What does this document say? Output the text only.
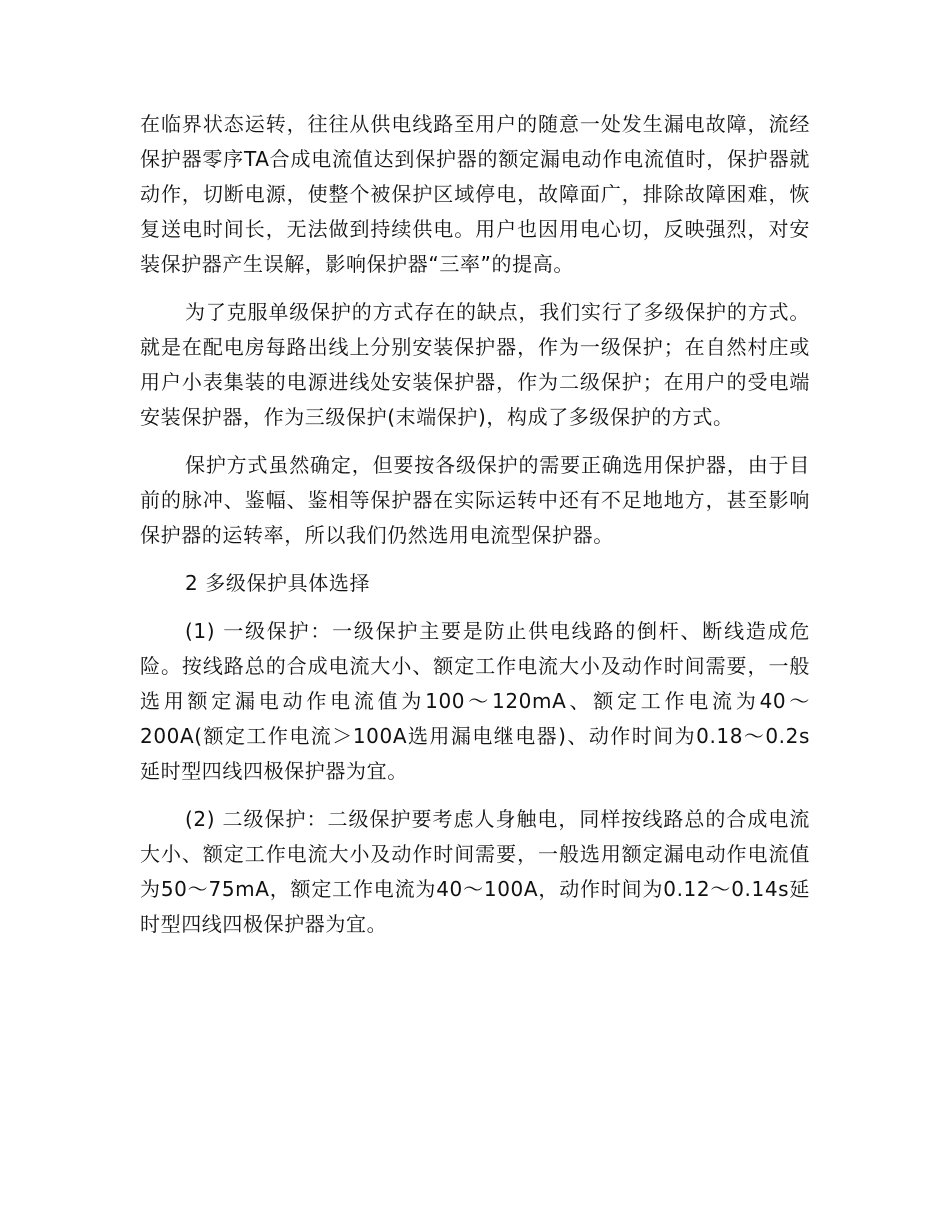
在临界状态运转，往往从供电线路至用户的随意一处发生漏电故障，流经保护器零序TA合成电流值达到保护器的额定漏电动作电流值时，保护器就动作，切断电源，使整个被保护区域停电，故障面广，排除故障困难，恢复送电时间长，无法做到持续供电。用户也因用电心切，反映强烈，对安装保护器产生误解，影响保护器“三率”的提高。

为了克服单级保护的方式存在的缺点，我们实行了多级保护的方式。就是在配电房每路出线上分别安装保护器，作为一级保护；在自然村庄或用户小表集装的电源进线处安装保护器，作为二级保护；在用户的受电端安装保护器，作为三级保护(末端保护)，构成了多级保护的方式。

保护方式虽然确定，但要按各级保护的需要正确选用保护器，由于目前的脉冲、鉴幅、鉴相等保护器在实际运转中还有不足地地方，甚至影响保护器的运转率，所以我们仍然选用电流型保护器。

2 多级保护具体选择

(1) 一级保护：一级保护主要是防止供电线路的倒杆、断线造成危险。按线路总的合成电流大小、额定工作电流大小及动作时间需要，一般选用额定漏电动作电流值为100～120mA、额定工作电流为40～200A(额定工作电流＞100A选用漏电继电器)、动作时间为0.18～0.2s延时型四线四极保护器为宜。

(2) 二级保护：二级保护要考虑人身触电，同样按线路总的合成电流大小、额定工作电流大小及动作时间需要，一般选用额定漏电动作电流值为50～75mA，额定工作电流为40～100A，动作时间为0.12～0.14s延时型四线四极保护器为宜。
